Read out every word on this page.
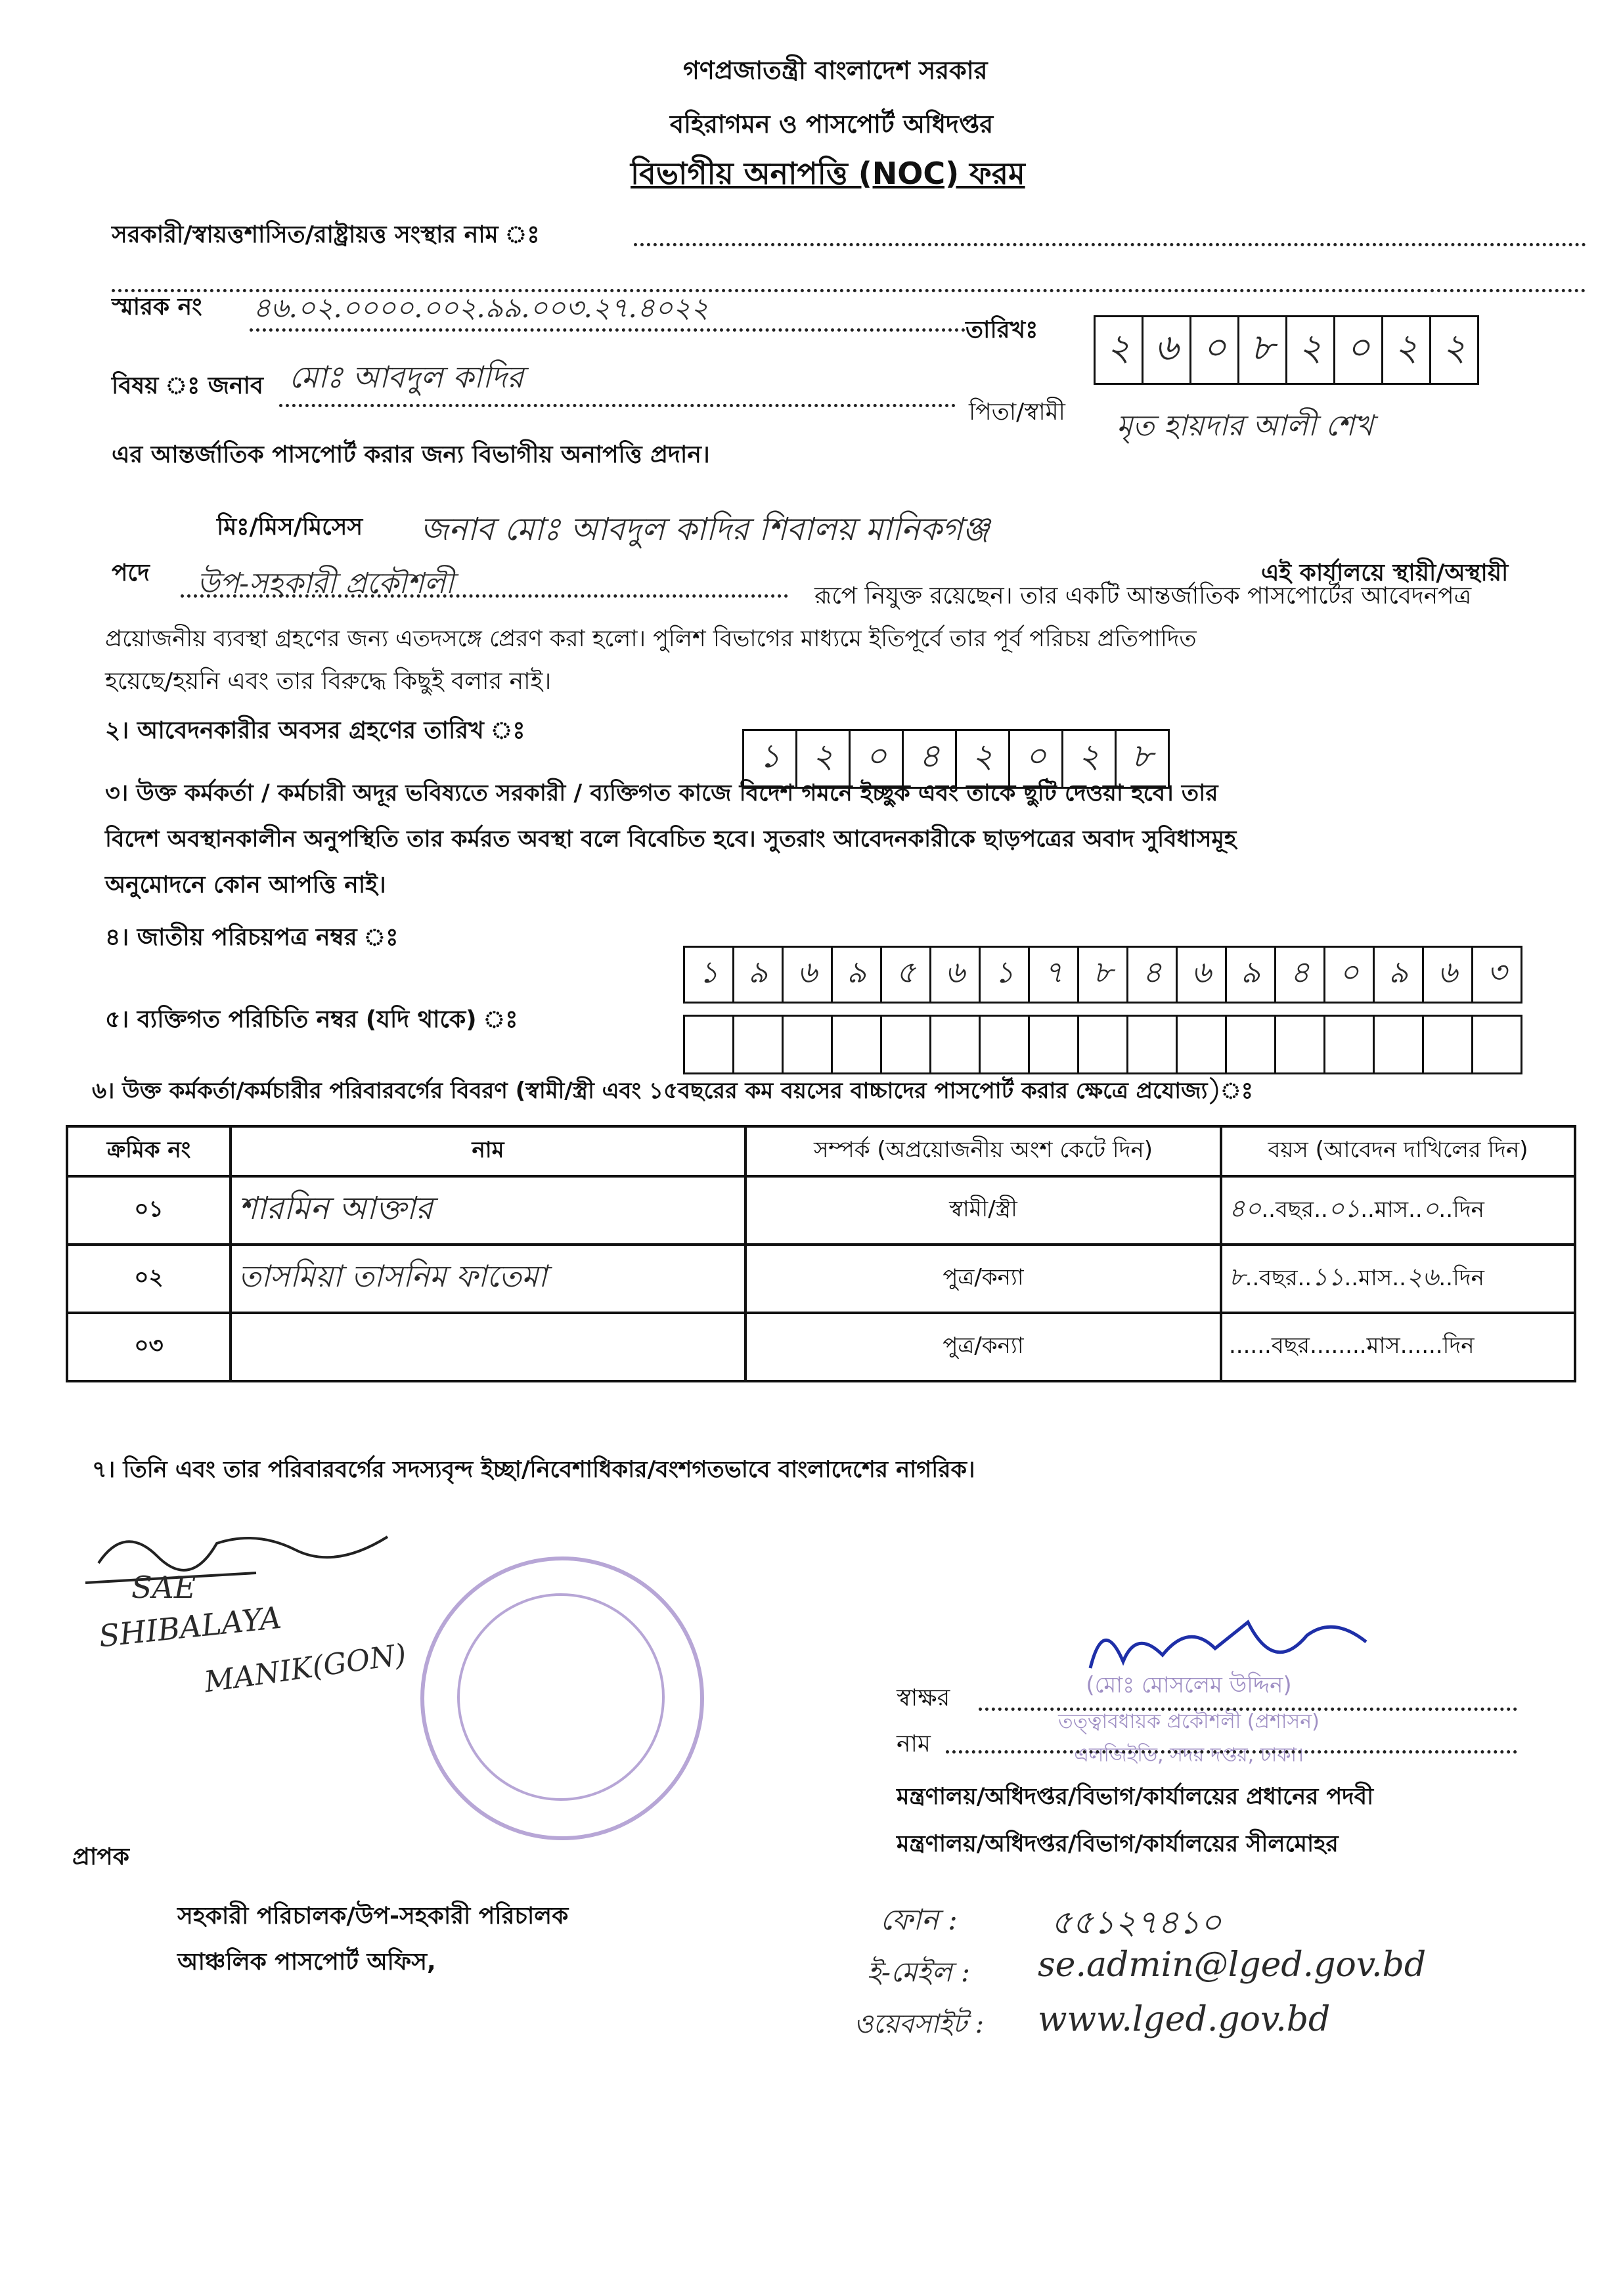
গণপ্রজাতন্ত্রী বাংলাদেশ সরকার
বহিরাগমন ও পাসপোর্ট অধিদপ্তর
বিভাগীয় অনাপত্তি (NOC) ফরম
সরকারী/স্বায়ত্তশাসিত/রাষ্ট্রায়ত্ত সংস্থার নাম ঃ
স্মারক নং ৪৬.০২.০০০০.০০২.৯৯.০০৩.২৭.৪০২২
তারিখঃ ২ ৬ ০ ৮ ২ ০ ২ ২
বিষয় ঃ জনাব মোঃ আবদুল কাদির
পিতা/স্বামী মৃত হায়দার আলী শেখ
এর আন্তর্জাতিক পাসপোর্ট করার জন্য বিভাগীয় অনাপত্তি প্রদান।
মিঃ/মিস/মিসেস জনাব মোঃ আবদুল কাদির শিবালয় মানিকগঞ্জ
এই কার্যালয়ে স্থায়ী/অস্থায়ী
পদে উপ-সহকারী প্রকৌশলী	রূপে নিযুক্ত রয়েছেন। তার একটি আন্তর্জাতিক পাসপোর্টের আবেদনপত্র
প্রয়োজনীয় ব্যবস্থা গ্রহণের জন্য এতদসঙ্গে প্রেরণ করা হলো। পুলিশ বিভাগের মাধ্যমে ইতিপূর্বে তার পূর্ব পরিচয় প্রতিপাদিত
হয়েছে/হয়নি এবং তার বিরুদ্ধে কিছুই বলার নাই।
২। আবেদনকারীর অবসর গ্রহণের তারিখ ঃ
১ ২ ০ ৪ ২ ০ ২ ৮
৩। উক্ত কর্মকর্তা / কর্মচারী অদূর ভবিষ্যতে সরকারী / ব্যক্তিগত কাজে বিদেশ গমনে ইচ্ছুক এবং তাকে ছুটি দেওয়া হবে। তার
বিদেশ অবস্থানকালীন অনুপস্থিতি তার কর্মরত অবস্থা বলে বিবেচিত হবে। সুতরাং আবেদনকারীকে ছাড়পত্রের অবাদ সুবিধাসমূহ
অনুমোদনে কোন আপত্তি নাই।
৪। জাতীয় পরিচয়পত্র নম্বর ঃ
১ ৯ ৬ ৯ ৫ ৬ ১ ৭ ৮ ৪ ৬ ৯ ৪ ০ ৯ ৬ ৩
৫। ব্যক্তিগত পরিচিতি নম্বর (যদি থাকে) ঃ
৬। উক্ত কর্মকর্তা/কর্মচারীর পরিবারবর্গের বিবরণ (স্বামী/স্ত্রী এবং ১৫বছরের কম বয়সের বাচ্চাদের পাসপোর্ট করার ক্ষেত্রে প্রযোজ্য)ঃ
ক্রমিক নং	নাম	সম্পর্ক (অপ্রয়োজনীয় অংশ কেটে দিন)	বয়স (আবেদন দাখিলের দিন)
০১	শারমিন আক্তার	স্বামী/স্ত্রী	৪০..বছর..০১..মাস..০..দিন
০২	তাসমিয়া তাসনিম ফাতেমা	পুত্র/কন্যা	৮..বছর..১১..মাস..২৬..দিন
০৩		পুত্র/কন্যা	......বছর........মাস......দিন
৭। তিনি এবং তার পরিবারবর্গের সদস্যবৃন্দ ইচ্ছা/নিবেশাধিকার/বংশগতভাবে বাংলাদেশের নাগরিক।
SAE
SHIBALAYA
MANIK(GON)	(মোঃ মোসলেম উদ্দিন)
তত্ত্বাবধায়ক প্রকৌশলী (প্রশাসন)
এলজিইডি, সদর দপ্তর, ঢাকা।
স্বাক্ষর
নাম
মন্ত্রণালয়/অধিদপ্তর/বিভাগ/কার্যালয়ের প্রধানের পদবী
মন্ত্রণালয়/অধিদপ্তর/বিভাগ/কার্যালয়ের সীলমোহর
প্রাপক
সহকারী পরিচালক/উপ-সহকারী পরিচালক
আঞ্চলিক পাসপোর্ট অফিস,
ফোন :	৫৫১২৭৪১০
ই-মেইল : se.admin@lged.gov.bd
ওয়েবসাইট : www.lged.gov.bd
